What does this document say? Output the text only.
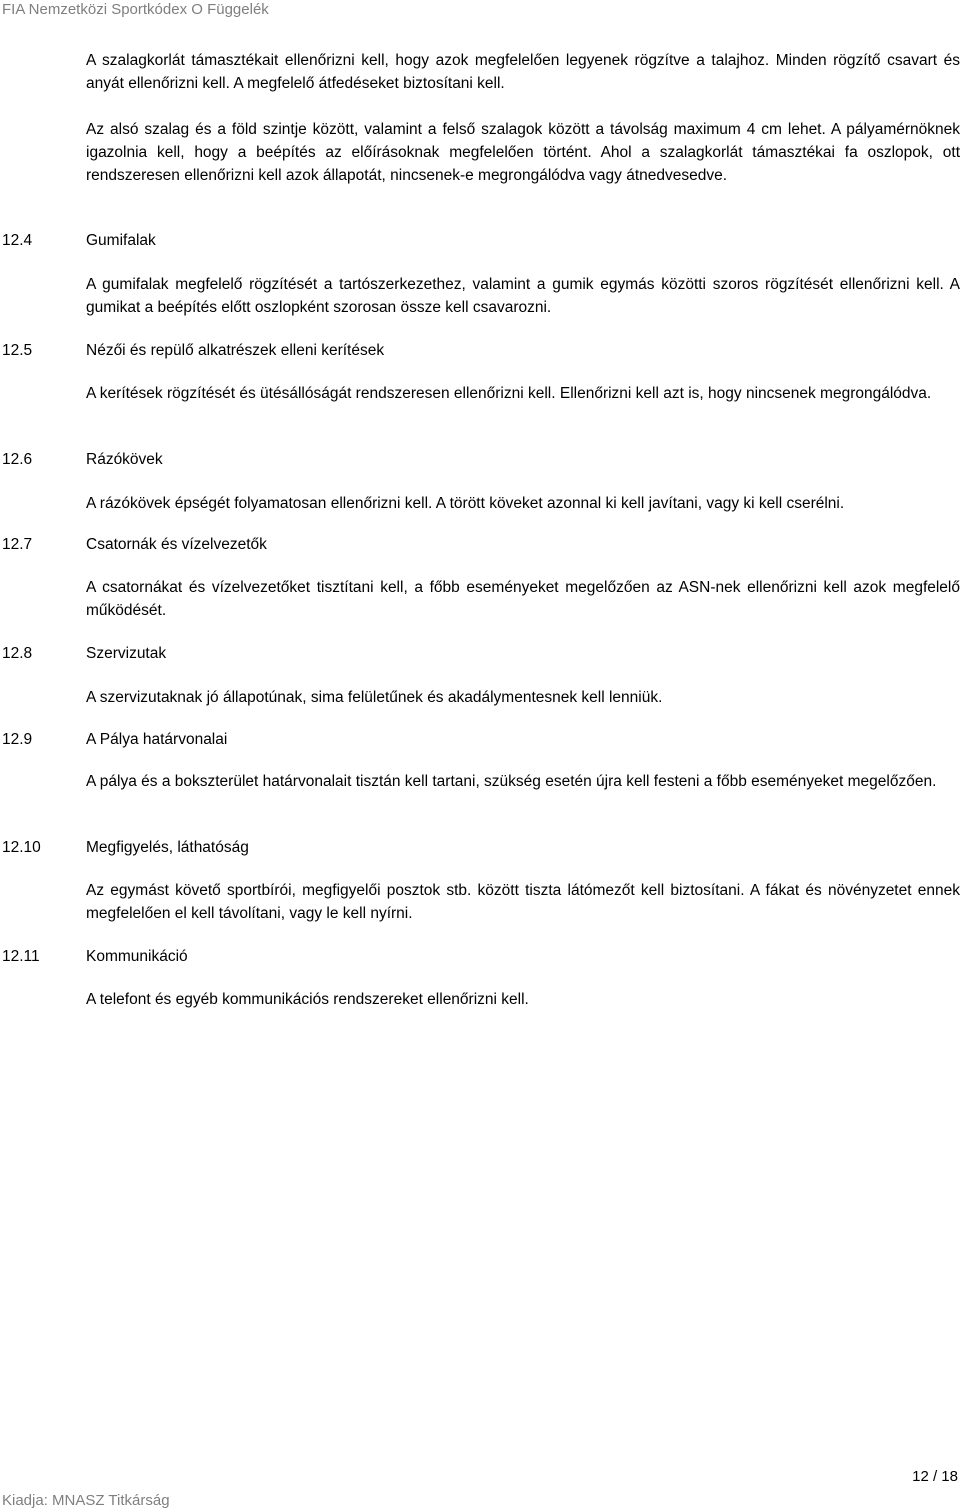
FIA Nemzetközi Sportkódex O Függelék

A szalagkorlát támasztékait ellenőrizni kell, hogy azok megfelelően legyenek rögzítve a talajhoz. Minden rögzítő csavart és anyát ellenőrizni kell. A megfelelő átfedéseket biztosítani kell.

Az alsó szalag és a föld szintje között, valamint a felső szalagok között a távolság maximum 4 cm lehet. A pályamérnöknek igazolnia kell, hogy a beépítés az előírásoknak megfelelően történt. Ahol a szalagkorlát támasztékai fa oszlopok, ott rendszeresen ellenőrizni kell azok állapotát, nincsenek-e megrongálódva vagy átnedvesedve.

12.4	Gumifalak

A gumifalak megfelelő rögzítését a tartószerkezethez, valamint a gumik egymás közötti szoros rögzítését ellenőrizni kell. A gumikat a beépítés előtt oszlopként szorosan össze kell csavarozni.

12.5	Nézői és repülő alkatrészek elleni kerítések

A kerítések rögzítését és ütésállóságát rendszeresen ellenőrizni kell. Ellenőrizni kell azt is, hogy nincsenek megrongálódva.

12.6	Rázókövek

A rázókövek épségét folyamatosan ellenőrizni kell. A törött köveket azonnal ki kell javítani, vagy ki kell cserélni.

12.7	Csatornák és vízelvezetők

A csatornákat és vízelvezetőket tisztítani kell, a főbb eseményeket megelőzően az ASN-nek ellenőrizni kell azok megfelelő működését.

12.8	Szervizutak

A szervizutaknak jó állapotúnak, sima felületűnek és akadálymentesnek kell lenniük.

12.9	A Pálya határvonalai

A pálya és a bokszterület határvonalait tisztán kell tartani, szükség esetén újra kell festeni a főbb eseményeket megelőzően.

12.10	Megfigyelés, láthatóság

Az egymást követő sportbírói, megfigyelői posztok stb. között tiszta látómezőt kell biztosítani. A fákat és növényzetet ennek megfelelően el kell távolítani, vagy le kell nyírni.

12.11	Kommunikáció

A telefont és egyéb kommunikációs rendszereket ellenőrizni kell.

12 / 18
Kiadja: MNASZ Titkárság
